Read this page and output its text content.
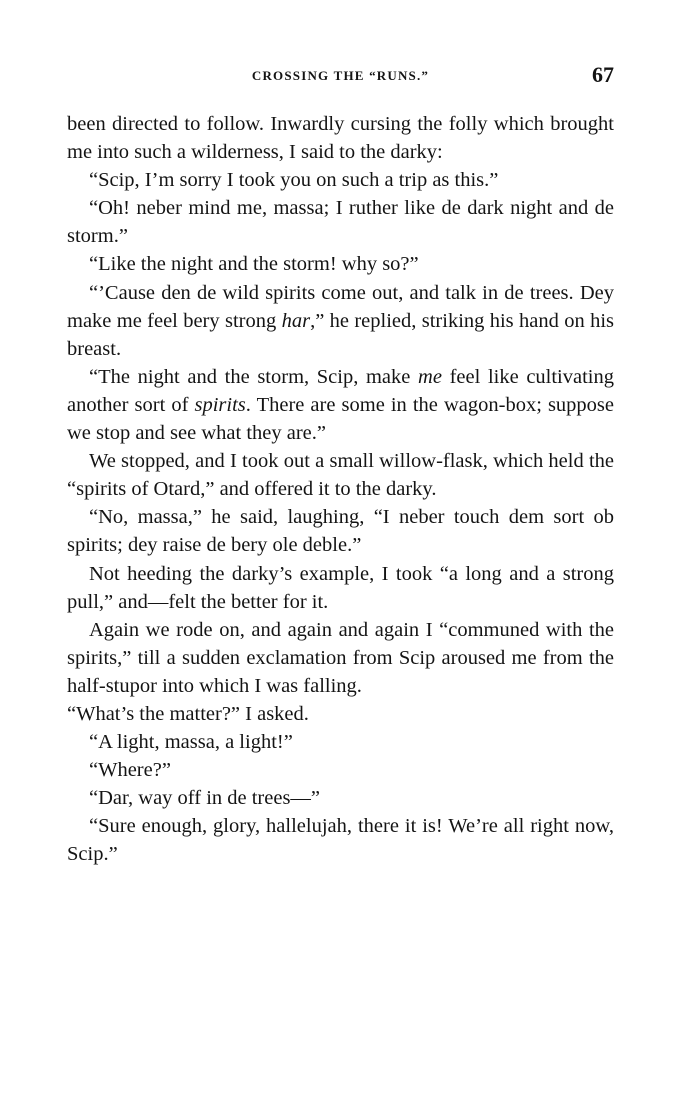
CROSSING THE “RUNS.”	67

been directed to follow. Inwardly cursing the folly which brought me into such a wilderness, I said to the darky:

“Scip, I’m sorry I took you on such a trip as this.”

“Oh! neber mind me, massa; I ruther like de dark night and de storm.”

“Like the night and the storm! why so?”

“’Cause den de wild spirits come out, and talk in de trees. Dey make me feel bery strong har,” he replied, striking his hand on his breast.

“The night and the storm, Scip, make me feel like cultivating another sort of spirits. There are some in the wagon-box; suppose we stop and see what they are.”

We stopped, and I took out a small willow-flask, which held the “spirits of Otard,” and offered it to the darky.

“No, massa,” he said, laughing, “I neber touch dem sort ob spirits; dey raise de bery ole deble.”

Not heeding the darky’s example, I took “a long and a strong pull,” and—felt the better for it.

Again we rode on, and again and again I “communed with the spirits,” till a sudden exclamation from Scip aroused me from the half-stupor into which I was falling.

“What’s the matter?” I asked.

“A light, massa, a light!”

“Where?”

“Dar, way off in de trees—”

“Sure enough, glory, hallelujah, there it is! We’re all right now, Scip.”
